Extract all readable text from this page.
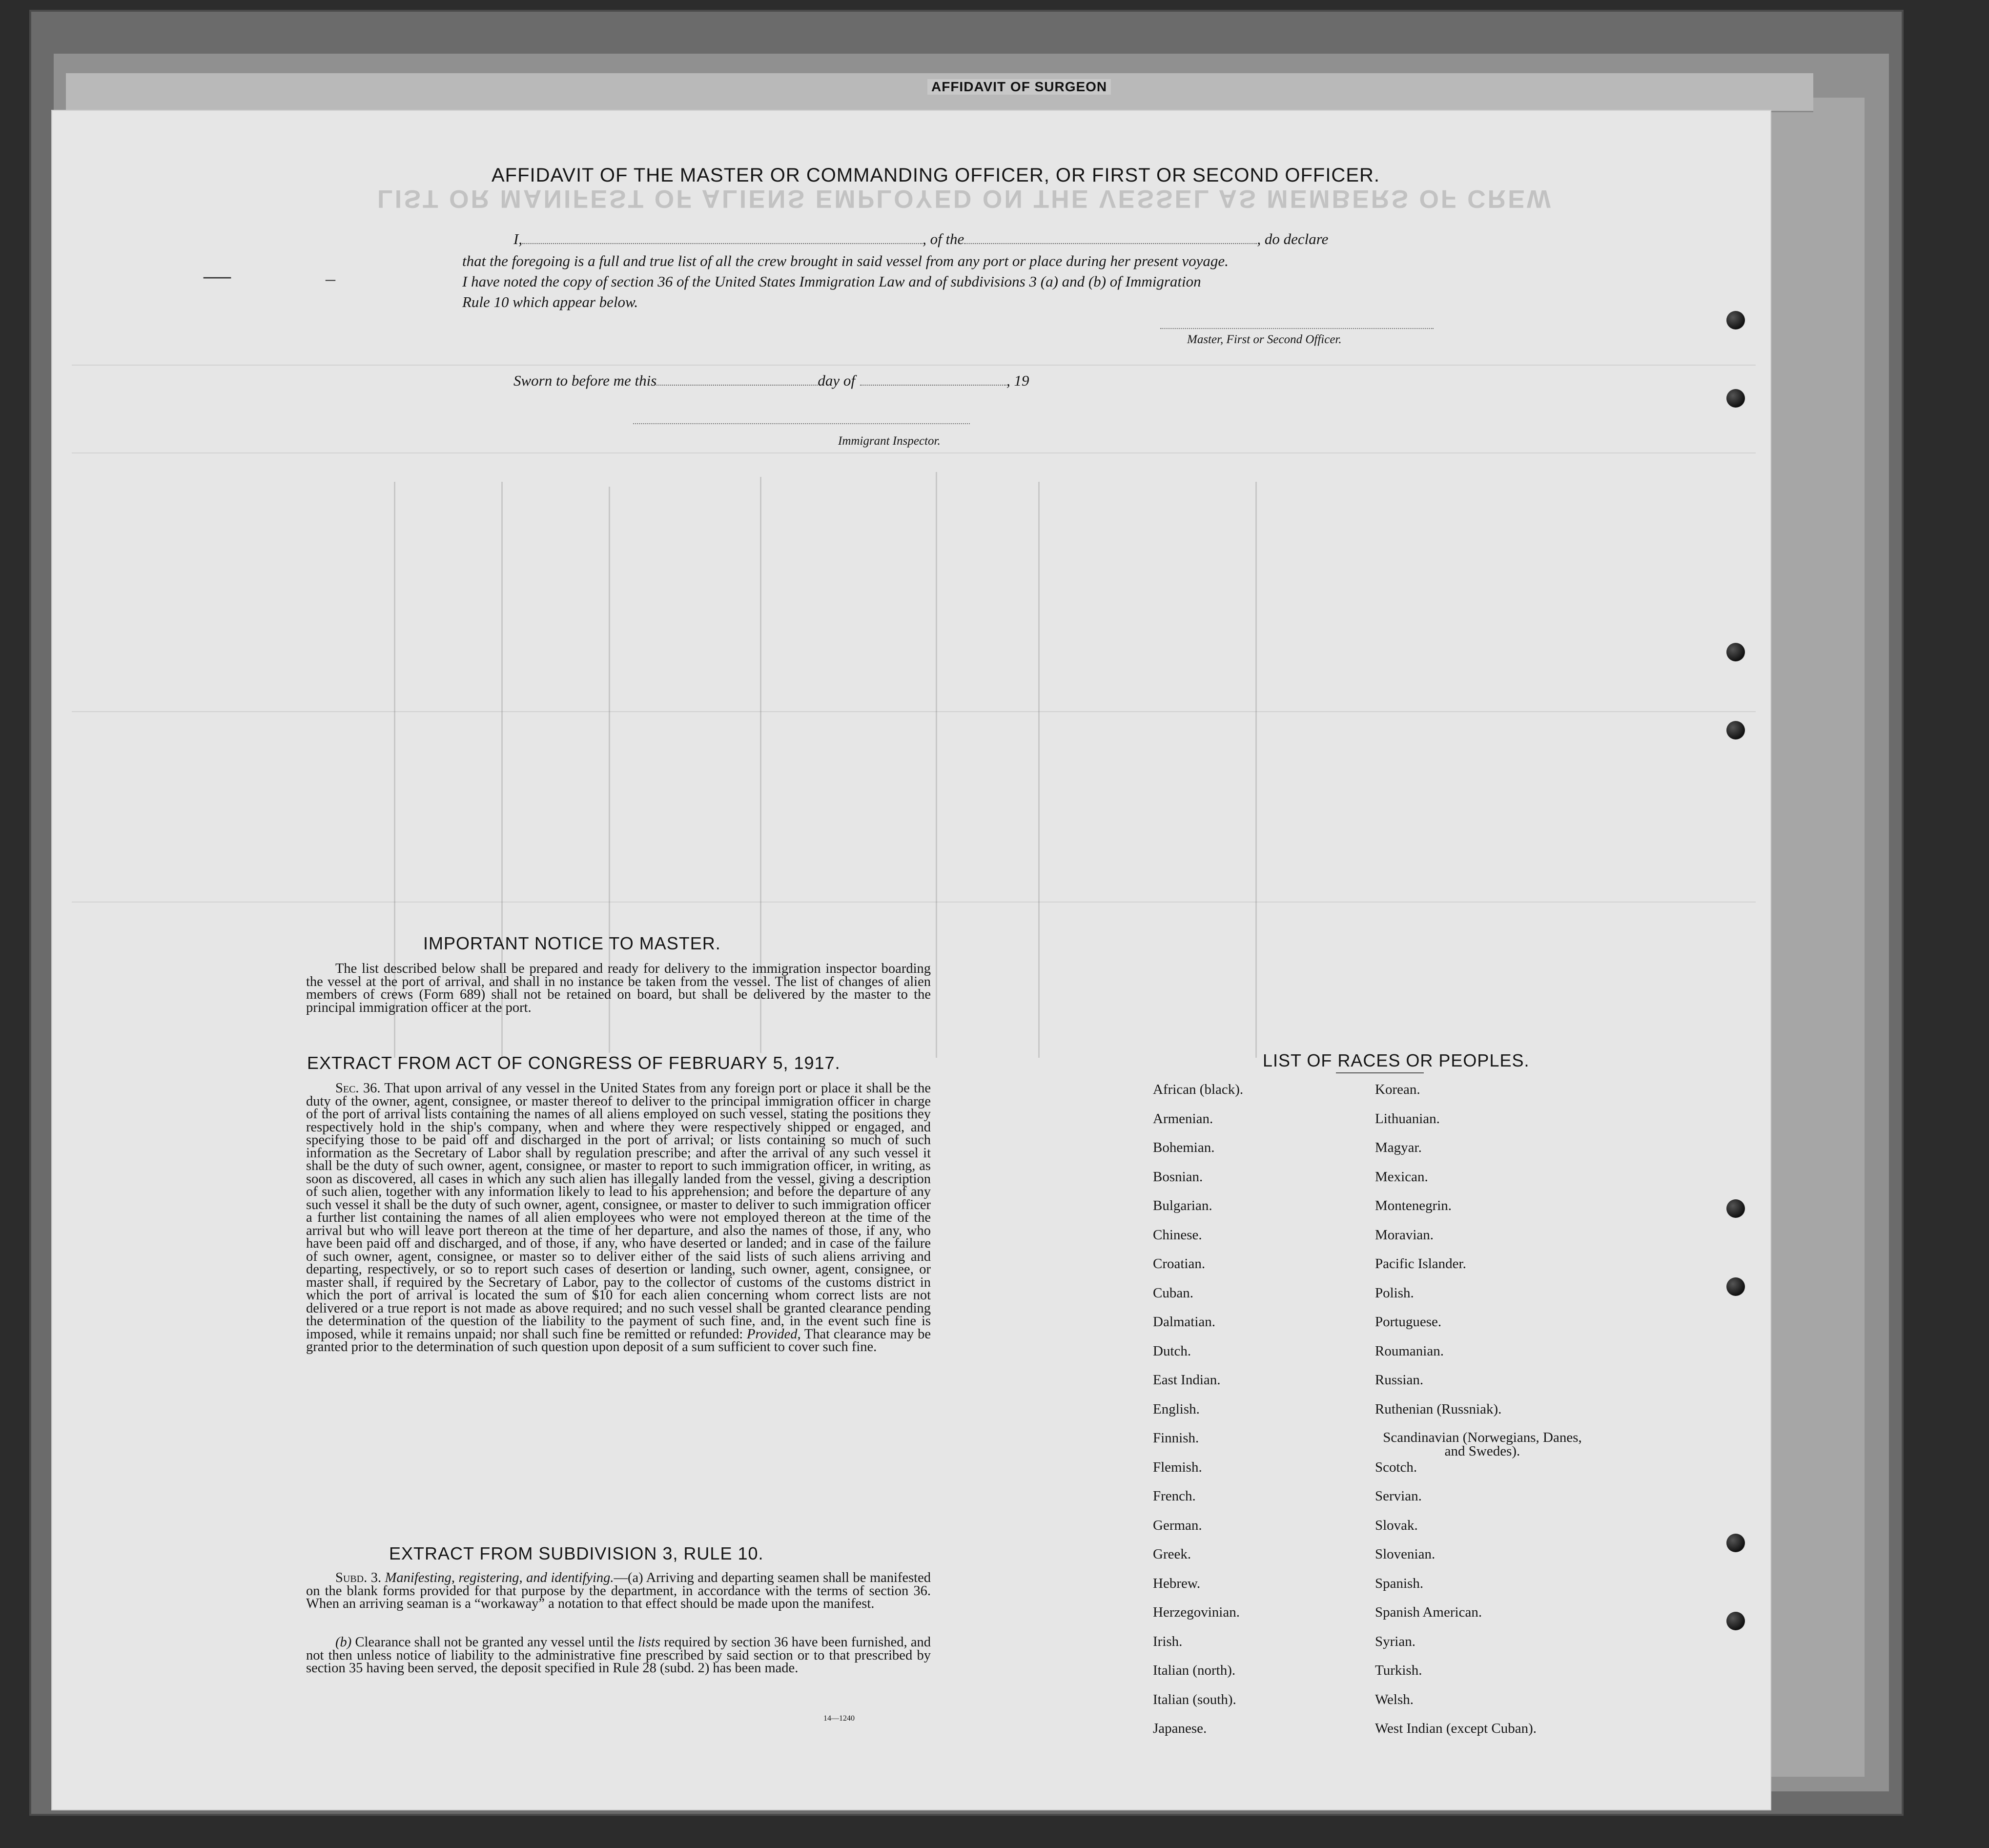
AFFIDAVIT OF SURGEON
LIST OR MANIFEST OF ALIENS EMPLOYED ON THE VESSEL AS MEMBERS OF CREW
AFFIDAVIT OF THE MASTER OR COMMANDING OFFICER, OR FIRST OR SECOND OFFICER.
I,	, of the	, do declare
that the foregoing is a full and true list of all the crew brought in said vessel from any port or place during her present voyage.
I have noted the copy of section 36 of the United States Immigration Law and of subdivisions 3 (a) and (b) of Immigration
Rule 10 which appear below.
Master, First or Second Officer.
Sworn to before me this	day of	, 19
Immigrant Inspector.
IMPORTANT NOTICE TO MASTER.

The list described below shall be prepared and ready for delivery to the immigration inspector boarding the vessel at the port of arrival, and shall in no instance be taken from the vessel. The list of changes of alien members of crews (Form 689) shall not be retained on board, but shall be delivered by the master to the principal immigration officer at the port.

EXTRACT FROM ACT OF CONGRESS OF FEBRUARY 5, 1917.

Sec. 36. That upon arrival of any vessel in the United States from any foreign port or place it shall be the duty of the owner, agent, consignee, or master thereof to deliver to the principal immigration officer in charge of the port of arrival lists containing the names of all aliens employed on such vessel, stating the positions they respectively hold in the ship's company, when and where they were respectively shipped or engaged, and specifying those to be paid off and discharged in the port of arrival; or lists containing so much of such information as the Secretary of Labor shall by regulation prescribe; and after the arrival of any such vessel it shall be the duty of such owner, agent, consignee, or master to report to such immigration officer, in writing, as soon as discovered, all cases in which any such alien has illegally landed from the vessel, giving a description of such alien, together with any information likely to lead to his apprehension; and before the departure of any such vessel it shall be the duty of such owner, agent, consignee, or master to deliver to such immigration officer a further list containing the names of all alien employees who were not employed thereon at the time of the arrival but who will leave port thereon at the time of her departure, and also the names of those, if any, who have been paid off and discharged, and of those, if any, who have deserted or landed; and in case of the failure of such owner, agent, consignee, or master so to deliver either of the said lists of such aliens arriving and departing, respectively, or so to report such cases of desertion or landing, such owner, agent, consignee, or master shall, if required by the Secretary of Labor, pay to the collector of customs of the customs district in which the port of arrival is located the sum of $10 for each alien concerning whom correct lists are not delivered or a true report is not made as above required; and no such vessel shall be granted clearance pending the determination of the question of the liability to the payment of such fine, and, in the event such fine is imposed, while it remains unpaid; nor shall such fine be remitted or refunded: Provided, That clearance may be granted prior to the determination of such question upon deposit of a sum sufficient to cover such fine.

EXTRACT FROM SUBDIVISION 3, RULE 10.

Subd. 3. Manifesting, registering, and identifying.—(a) Arriving and departing seamen shall be manifested on the blank forms provided for that purpose by the department, in accordance with the terms of section 36. When an arriving seaman is a “workaway” a notation to that effect should be made upon the manifest.

(b) Clearance shall not be granted any vessel until the lists required by section 36 have been furnished, and not then unless notice of liability to the administrative fine prescribed by said section or to that prescribed by section 35 having been served, the deposit specified in Rule 28 (subd. 2) has been made.

14—1240
LIST OF RACES OR PEOPLES.
African (black).
Armenian.
Bohemian.
Bosnian.
Bulgarian.
Chinese.
Croatian.
Cuban.
Dalmatian.
Dutch.
East Indian.
English.
Finnish.
Flemish.
French.
German.
Greek.
Hebrew.
Herzegovinian.
Irish.
Italian (north).
Italian (south).
Japanese.
Korean.
Lithuanian.
Magyar.
Mexican.
Montenegrin.
Moravian.
Pacific Islander.
Polish.
Portuguese.
Roumanian.
Russian.
Ruthenian (Russniak).
Scandinavian (Norwegians, Danes, and Swedes).
Scotch.
Servian.
Slovak.
Slovenian.
Spanish.
Spanish American.
Syrian.
Turkish.
Welsh.
West Indian (except Cuban).
—	–
